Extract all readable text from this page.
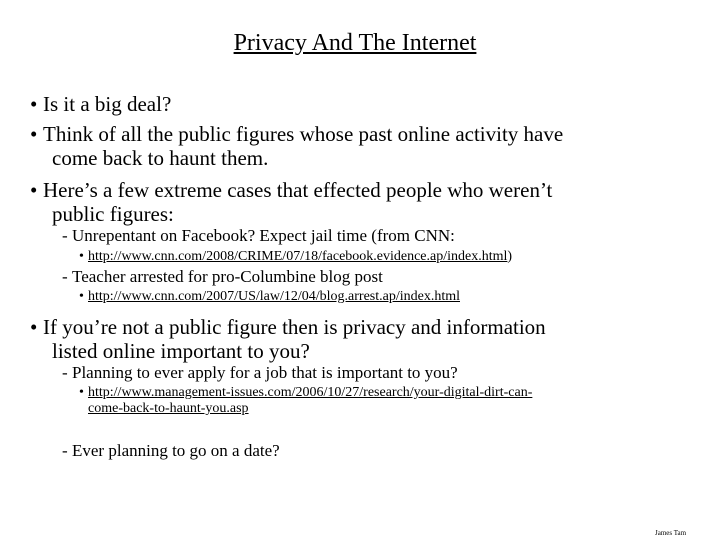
Privacy And The Internet
• Is it a big deal?
• Think of all the public figures whose past online activity have
come back to haunt them.
• Here’s a few extreme cases that effected people who weren’t
public figures:
- Unrepentant on Facebook? Expect jail time (from CNN:
• http://www.cnn.com/2008/CRIME/07/18/facebook.evidence.ap/index.html)
- Teacher arrested for pro-Columbine blog post
• http://www.cnn.com/2007/US/law/12/04/blog.arrest.ap/index.html
• If you’re not a public figure then is privacy and information
listed online important to you?
- Planning to ever apply for a job that is important to you?
• http://www.management-issues.com/2006/10/27/research/your-digital-dirt-can-
come-back-to-haunt-you.asp
- Ever planning to go on a date?
James Tam
